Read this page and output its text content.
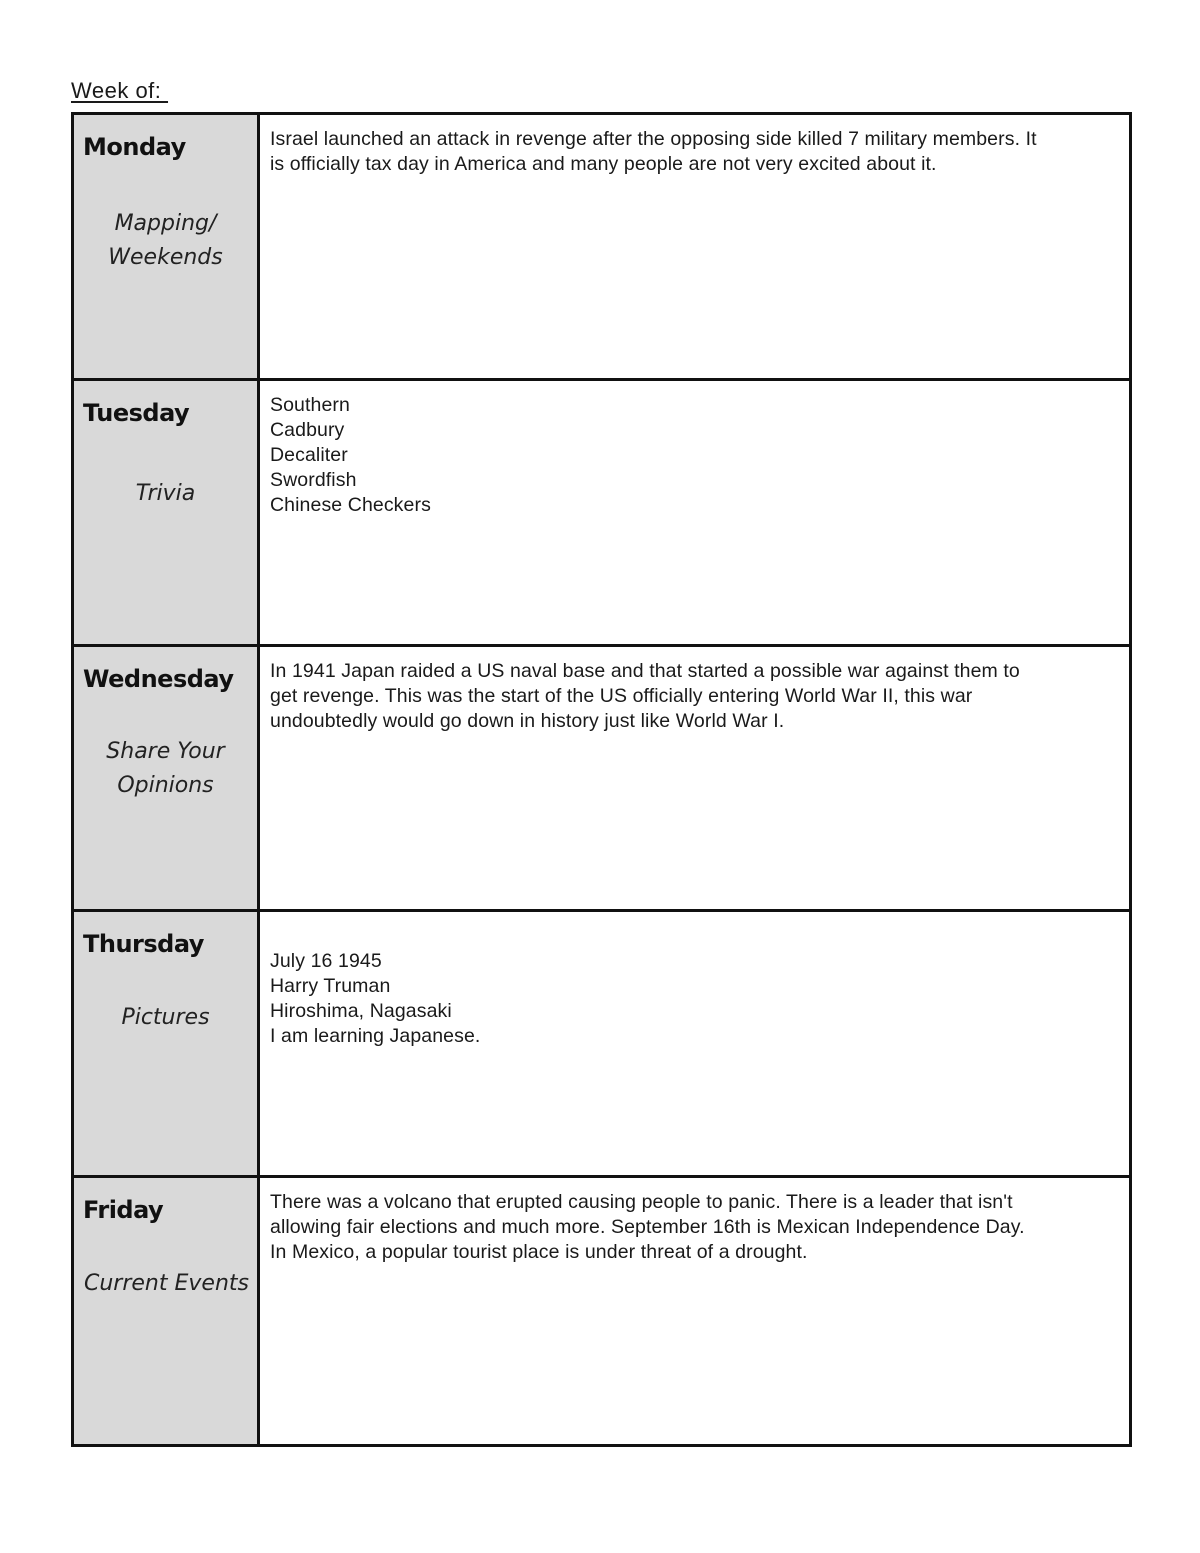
Week of:
Monday
Mapping/
Weekends
Israel launched an attack in revenge after the opposing side killed 7 military members. It
is officially tax day in America and many people are not very excited about it.
Tuesday
Trivia
Southern
Cadbury
Decaliter
Swordfish
Chinese Checkers
Wednesday
Share Your
Opinions
In 1941 Japan raided a US naval base and that started a possible war against them to
get revenge. This was the start of the US officially entering World War II, this war
undoubtedly would go down in history just like World War I.
Thursday
Pictures
July 16 1945
Harry Truman
Hiroshima, Nagasaki
I am learning Japanese.
Friday
Current Events
There was a volcano that erupted causing people to panic. There is a leader that isn't
allowing fair elections and much more. September 16th is Mexican Independence Day.
In Mexico, a popular tourist place is under threat of a drought.
